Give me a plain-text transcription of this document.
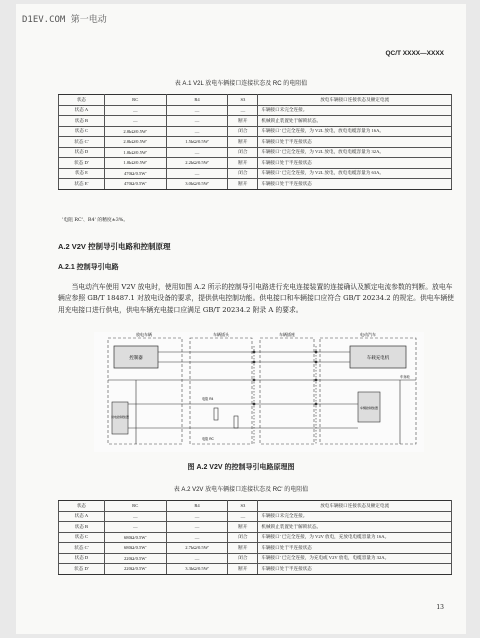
D1EV.COM 第一电动
QC/T XXXX—XXXX
表 A.1 V2L 放电车辆接口连接状态及 RC 的电阻值
状态	RC	R4	S3	放电车辆接口连接状态及额定电流
状态 A	—	—	—	车辆接口未完全连接。
状态 B	—	—	断开	机械锁止装置处于解锁状态。
状态 C	2.0kΩ/0.5W'	—	闭合	车辆接口' 已完全连接，为 V2L 放电，放电电缆容量为 16A。
状态 C'	2.0kΩ/0.5W'	1.5kΩ/0.5W'	断开	车辆接口处于半连接状态
状态 D	1.0kΩ/0.5W'	—	闭合	车辆接口' 已完全连接，为 V2L 放电，放电电缆容量为 32A。
状态 D'	1.0kΩ/0.5W'	2.2kΩ/0.5W'	断开	车辆接口处于半连接状态
状态 E	470Ω/0.5W'	—	闭合	车辆接口' 已完全连接，为 V2L 放电，放电电缆容量为 63A。
状态 E'	470Ω/0.5W'	3.0kΩ/0.5W'	断开	车辆接口处于半连接状态
'电阻 RC'、R4' 的精度±3%。
A.2 V2V 控制导引电路和控制原理
A.2.1 控制导引电路
　　当电动汽车使用 V2V 放电时，使用如图 A.2 所示的控制导引电路进行充电连接装置的连接确认及额定电流参数的判断。放电车辆应参照 GB/T 18487.1 对放电设备的要求，提供供电控制功能。供电接口和车辆接口应符合 GB/T 20234.2 的规定。供电车辆使用充电接口进行供电，供电车辆充电接口应满足 GB/T 20234.2 附录 A 的要求。
放电车辆	车辆插头	车辆插座	电动汽车
控制器	车载充电机
供电控制装置
车辆控制装置
电阻 R4
电阻 RC
车身地
图 A.2 V2V 的控制导引电路原理图
表 A.2 V2V 放电车辆接口连接状态及 RC' 的电阻值
状态	RC	R4	S3	放电车辆接口连接状态及额定电流
状态 A	—	—	—	车辆接口未完全连接。
状态 B	—	—	断开	机械锁止装置处于解锁状态。
状态 C	680Ω/0.5W'	—	闭合	车辆接口' 已完全连接，为 V2V 放电，充放电电缆容量为 16A。
状态 C'	680Ω/0.5W'	2.7kΩ/0.5W'	断开	车辆接口处于半连接状态
状态 D	220Ω/0.5W'	—	闭合	车辆接口' 已完全连接，为充电或 V2V 放电，电缆容量为 32A。
状态 D'	220Ω/0.5W'	3.3kΩ/0.5W'	断开	车辆接口处于半连接状态
13
